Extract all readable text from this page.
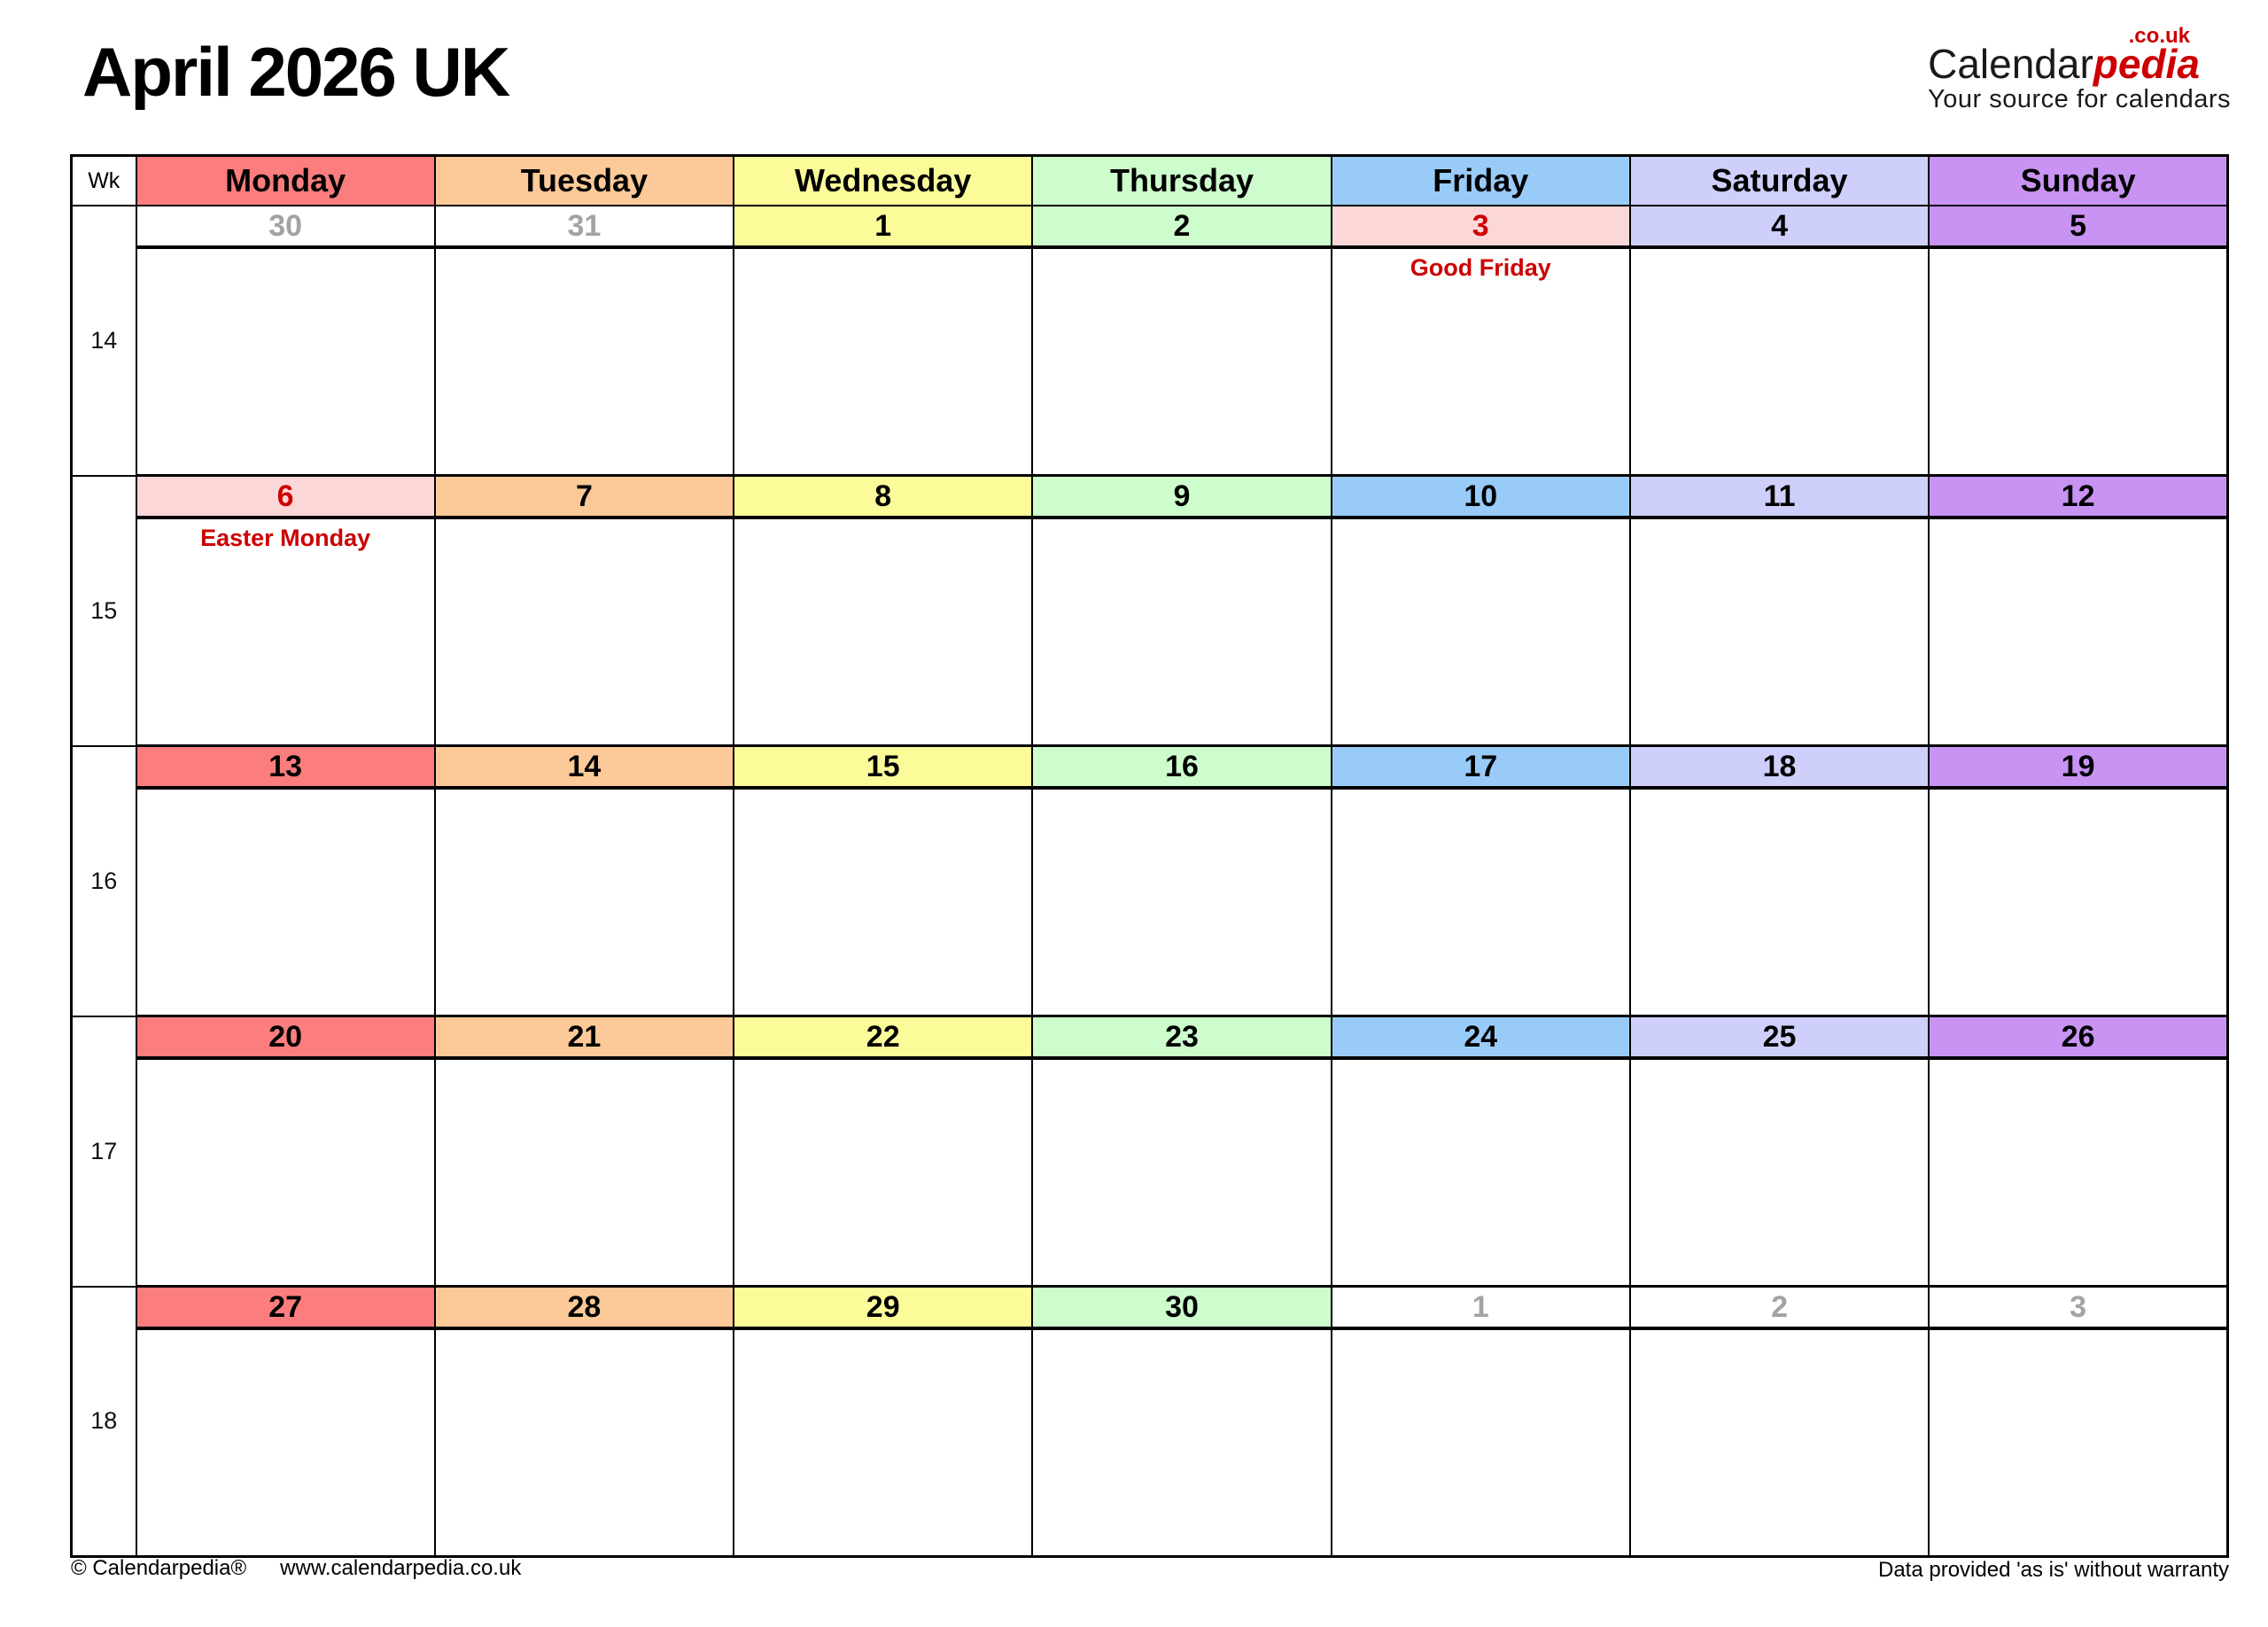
April 2026 UK	Calendarpedia
.co.uk
Your source for calendars
Wk	Monday	Tuesday	Wednesday	Thursday	Friday	Saturday	Sunday
14	30	31	1	2	3	4	5

					Good Friday		

15	6	7	8	9	10	11	12

	Easter Monday						

16	13	14	15	16	17	18	19

17	20	21	22	23	24	25	26

18	27	28	29	30	1	2	3

© Calendarpedia® www.calendarpedia.co.uk	Data provided 'as is' without warranty
